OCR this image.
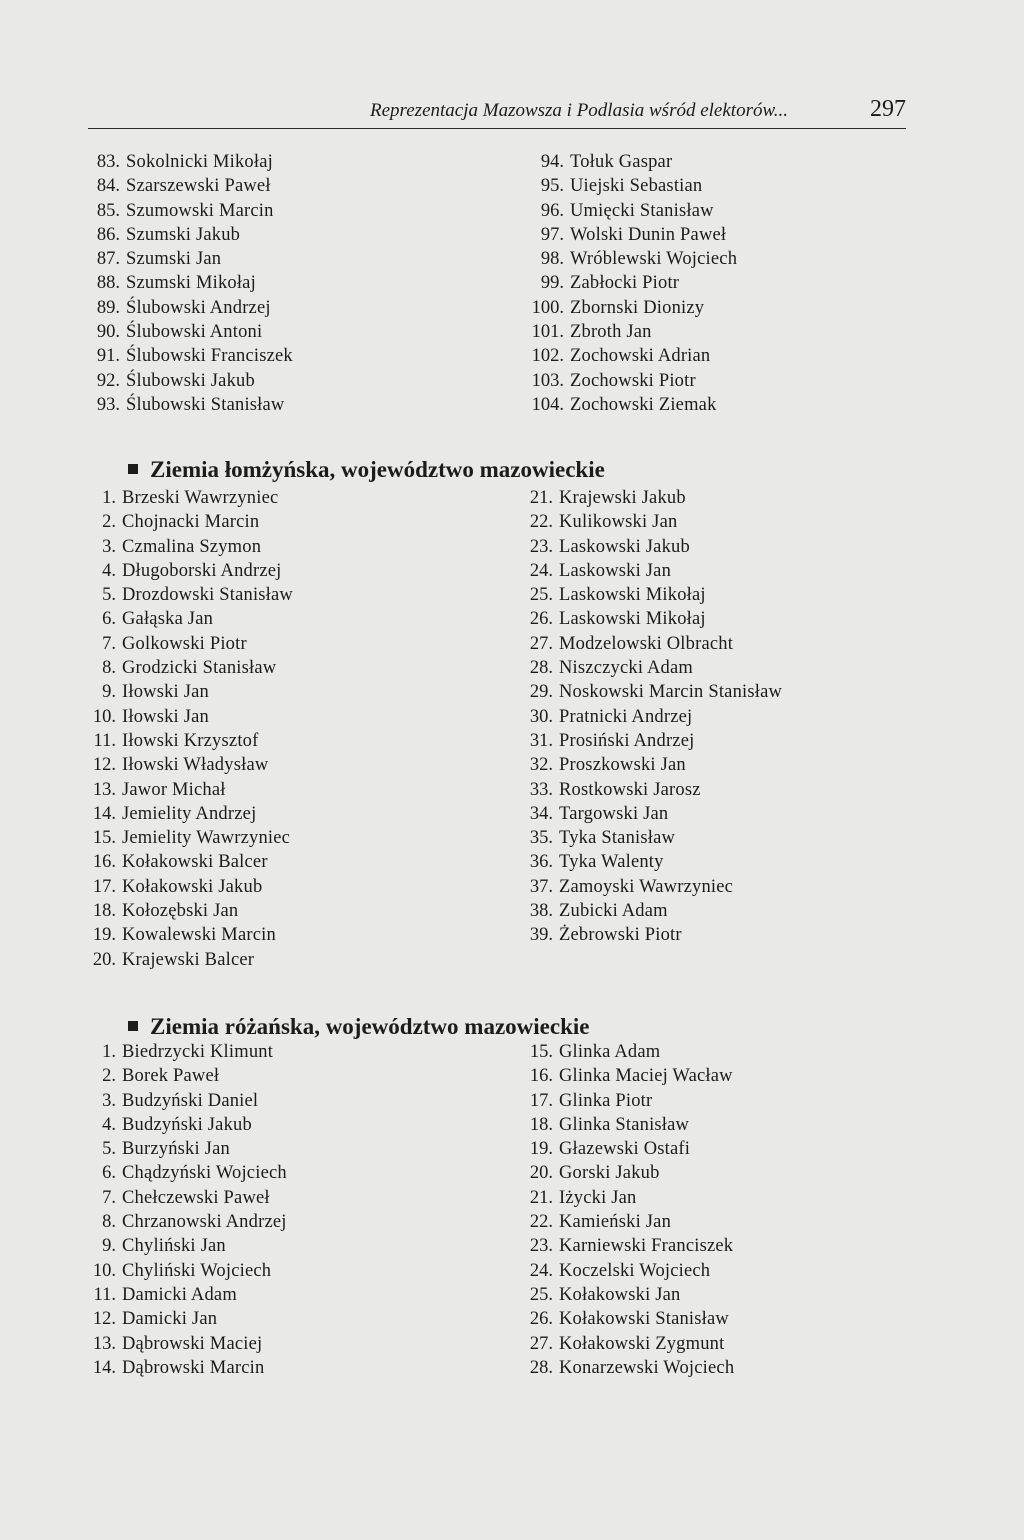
Reprezentacja Mazowsza i Podlasia wśród elektorów...	297
83. Sokolnicki Mikołaj
84. Szarszewski Paweł
85. Szumowski Marcin
86. Szumski Jakub
87. Szumski Jan
88. Szumski Mikołaj
89. Ślubowski Andrzej
90. Ślubowski Antoni
91. Ślubowski Franciszek
92. Ślubowski Jakub
93. Ślubowski Stanisław
94. Tołuk Gaspar
95. Uiejski Sebastian
96. Umięcki Stanisław
97. Wolski Dunin Paweł
98. Wróblewski Wojciech
99. Zabłocki Piotr
100. Zbornski Dionizy
101. Zbroth Jan
102. Zochowski Adrian
103. Zochowski Piotr
104. Zochowski Ziemak
Ziemia łomżyńska, województwo mazowieckie
1. Brzeski Wawrzyniec
2. Chojnacki Marcin
3. Czmalina Szymon
4. Długoborski Andrzej
5. Drozdowski Stanisław
6. Gałąska Jan
7. Golkowski Piotr
8. Grodzicki Stanisław
9. Iłowski Jan
10. Iłowski Jan
11. Iłowski Krzysztof
12. Iłowski Władysław
13. Jawor Michał
14. Jemielity Andrzej
15. Jemielity Wawrzyniec
16. Kołakowski Balcer
17. Kołakowski Jakub
18. Kołozębski Jan
19. Kowalewski Marcin
20. Krajewski Balcer
21. Krajewski Jakub
22. Kulikowski Jan
23. Laskowski Jakub
24. Laskowski Jan
25. Laskowski Mikołaj
26. Laskowski Mikołaj
27. Modzelowski Olbracht
28. Niszczycki Adam
29. Noskowski Marcin Stanisław
30. Pratnicki Andrzej
31. Prosiński Andrzej
32. Proszkowski Jan
33. Rostkowski Jarosz
34. Targowski Jan
35. Tyka Stanisław
36. Tyka Walenty
37. Zamoyski Wawrzyniec
38. Zubicki Adam
39. Żebrowski Piotr
Ziemia różańska, województwo mazowieckie
1. Biedrzycki Klimunt
2. Borek Paweł
3. Budzyński Daniel
4. Budzyński Jakub
5. Burzyński Jan
6. Chądzyński Wojciech
7. Chełczewski Paweł
8. Chrzanowski Andrzej
9. Chyliński Jan
10. Chyliński Wojciech
11. Damicki Adam
12. Damicki Jan
13. Dąbrowski Maciej
14. Dąbrowski Marcin
15. Glinka Adam
16. Glinka Maciej Wacław
17. Glinka Piotr
18. Glinka Stanisław
19. Głazewski Ostafi
20. Gorski Jakub
21. Iżycki Jan
22. Kamieński Jan
23. Karniewski Franciszek
24. Koczelski Wojciech
25. Kołakowski Jan
26. Kołakowski Stanisław
27. Kołakowski Zygmunt
28. Konarzewski Wojciech
